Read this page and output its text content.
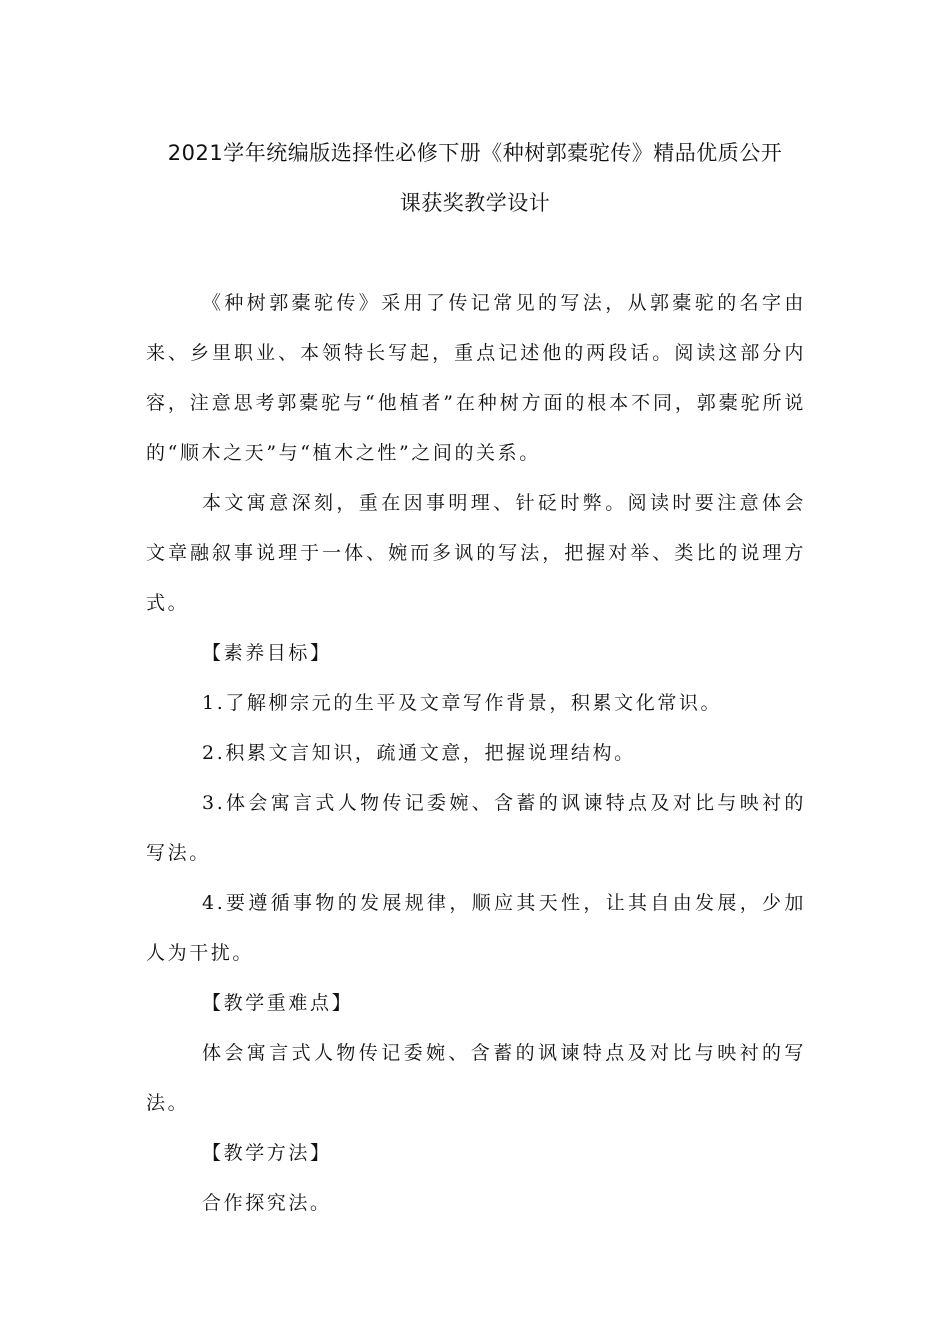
2021学年统编版选择性必修下册《种树郭橐驼传》精品优质公开
课获奖教学设计

《种树郭橐驼传》采用了传记常见的写法，从郭橐驼的名字由来、乡里职业、本领特长写起，重点记述他的两段话。阅读这部分内容，注意思考郭橐驼与“他植者”在种树方面的根本不同，郭橐驼所说的“顺木之天”与“植木之性”之间的关系。

本文寓意深刻，重在因事明理、针砭时弊。阅读时要注意体会文章融叙事说理于一体、婉而多讽的写法，把握对举、类比的说理方式。

【素养目标】

1.了解柳宗元的生平及文章写作背景，积累文化常识。

2.积累文言知识，疏通文意，把握说理结构。

3.体会寓言式人物传记委婉、含蓄的讽谏特点及对比与映衬的写法。

4.要遵循事物的发展规律，顺应其天性，让其自由发展，少加人为干扰。

【教学重难点】

体会寓言式人物传记委婉、含蓄的讽谏特点及对比与映衬的写法。

【教学方法】

合作探究法。
